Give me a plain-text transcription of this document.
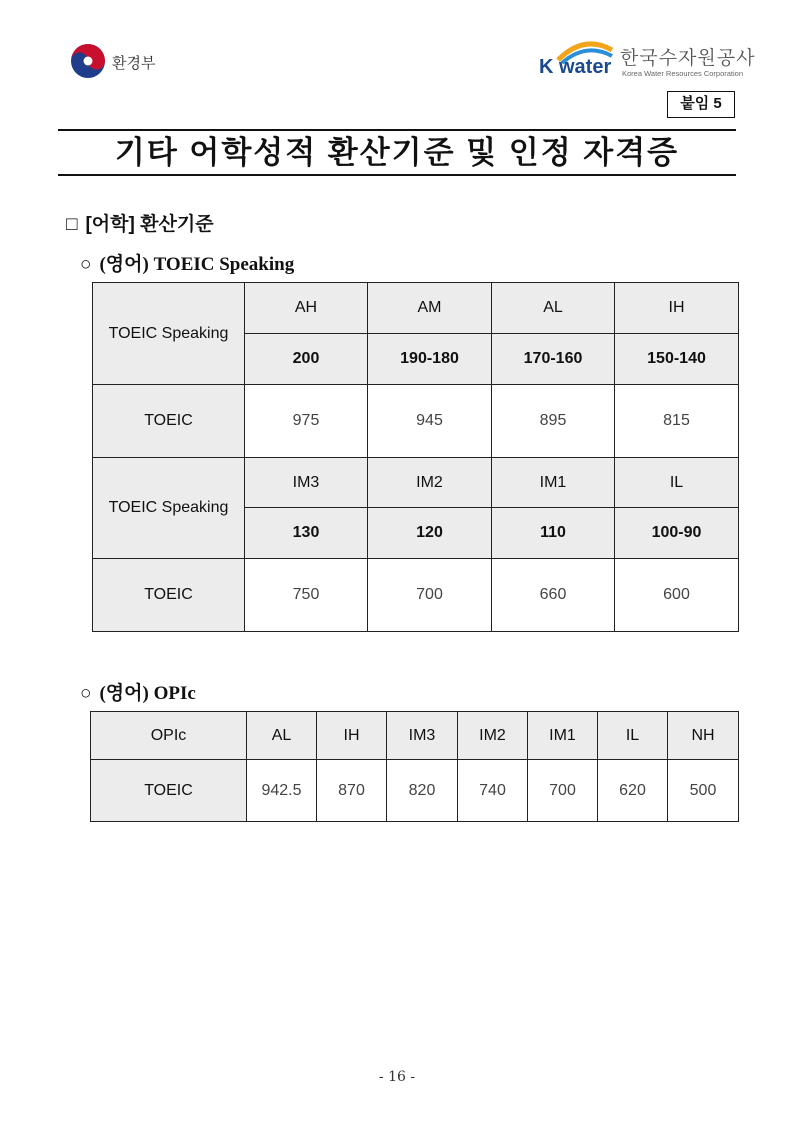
환경부	K water 한국수자원공사
Korea Water Resources Corporation
붙임 5
기타 어학성적 환산기준 및 인정 자격증
□ [어학] 환산기준
○ (영어) TOEIC Speaking
TOEIC Speaking	AH	AM	AL	IH
	200	190-180	170-160	150-140
TOEIC	975	945	895	815
TOEIC Speaking	IM3	IM2	IM1	IL
	130	120	110	100-90
TOEIC	750	700	660	600
○ (영어) OPIc
OPIc	AL	IH	IM3	IM2	IM1	IL	NH
TOEIC	942.5	870	820	740	700	620	500
- 16 -
